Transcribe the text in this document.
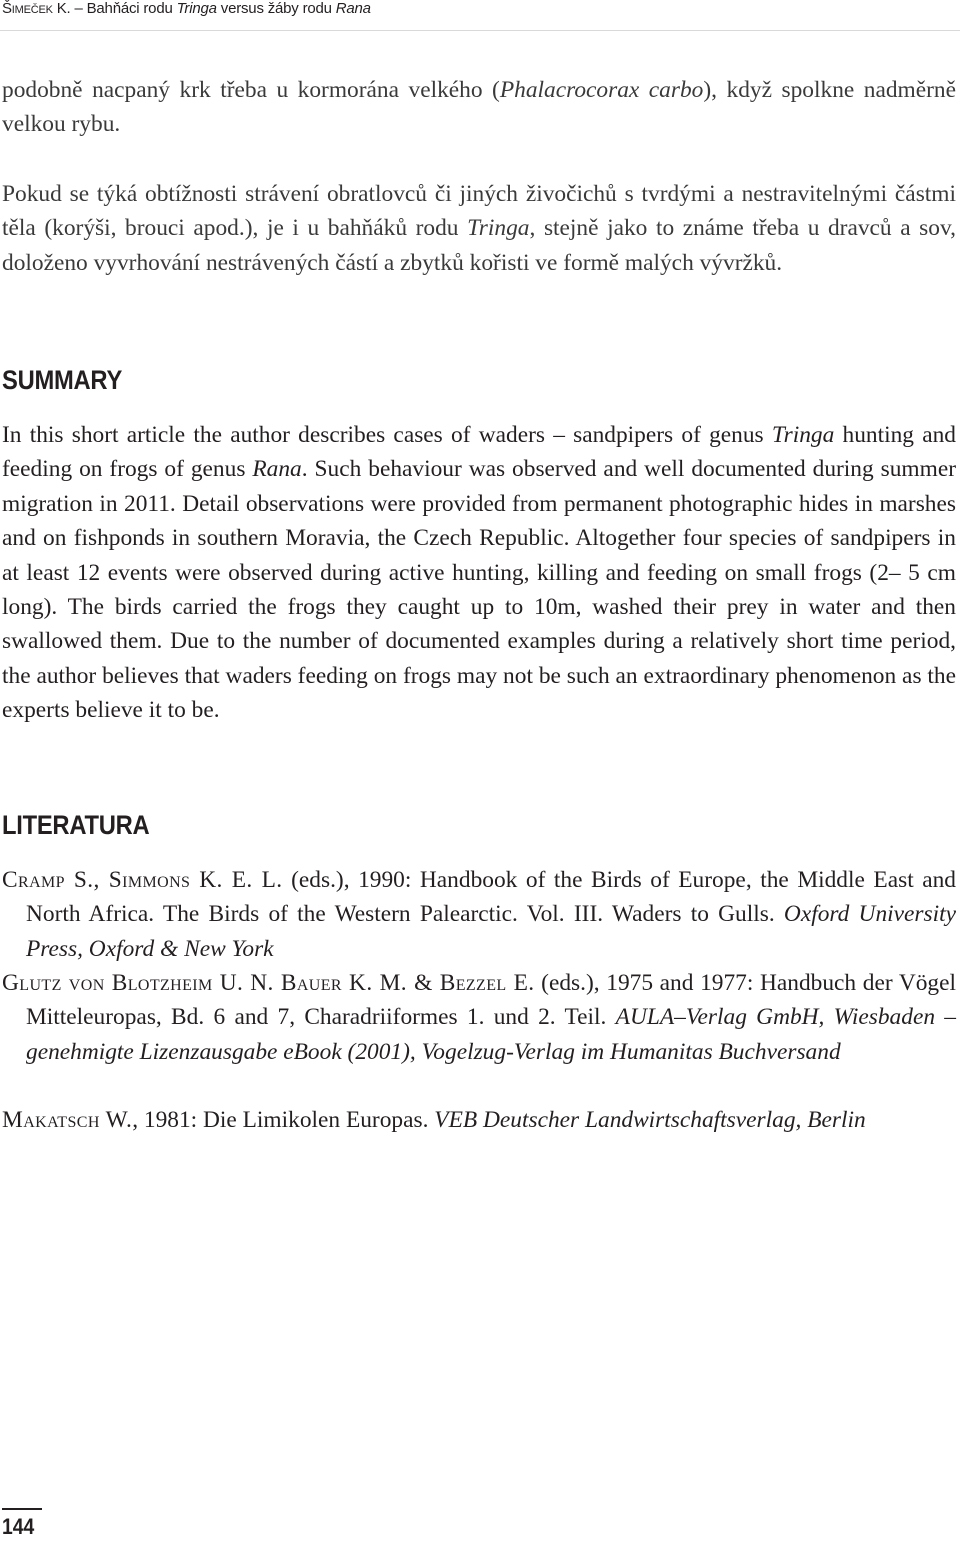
Šimeček K. – Bahňáci rodu Tringa versus žáby rodu Rana
podobně nacpaný krk třeba u kormorána velkého (Phalacrocorax carbo), když spolkne nadměrně velkou rybu.
Pokud se týká obtížnosti strávení obratlovců či jiných živočichů s tvrdými a nestravitelnými částmi těla (korýši, brouci apod.), je i u bahňáků rodu Tringa, stejně jako to známe třeba u dravců a sov, doloženo vyvrhování nestrávených částí a zbytků kořisti ve formě malých vývržků.
SUMMARY
In this short article the author describes cases of waders – sandpipers of genus Tringa hunting and feeding on frogs of genus Rana. Such behaviour was observed and well documented during summer migration in 2011. Detail observations were provided from permanent photographic hides in marshes and on fishponds in southern Moravia, the Czech Republic. Altogether four species of sandpipers in at least 12 events were observed during active hunting, killing and feeding on small frogs (2– 5 cm long). The birds carried the frogs they caught up to 10m, washed their prey in water and then swallowed them. Due to the number of documented examples during a relatively short time period, the author believes that waders feeding on frogs may not be such an extraordinary phenomenon as the experts believe it to be.
LITERATURA
Cramp S., Simmons K. E. L. (eds.), 1990: Handbook of the Birds of Europe, the Middle East and North Africa. The Birds of the Western Palearctic. Vol. III. Waders to Gulls. Oxford University Press, Oxford & New York
Glutz von Blotzheim U. N. Bauer K. M. & Bezzel E. (eds.), 1975 and 1977: Handbuch der Vögel Mitteleuropas, Bd. 6 and 7, Charadriiformes 1. und 2. Teil. AULA–Verlag GmbH, Wiesbaden – genehmigte Lizenzausgabe eBook (2001), Vogelzug-Verlag im Humanitas Buchversand
Makatsch W., 1981: Die Limikolen Europas. VEB Deutscher Landwirtschaftsverlag, Berlin
144
